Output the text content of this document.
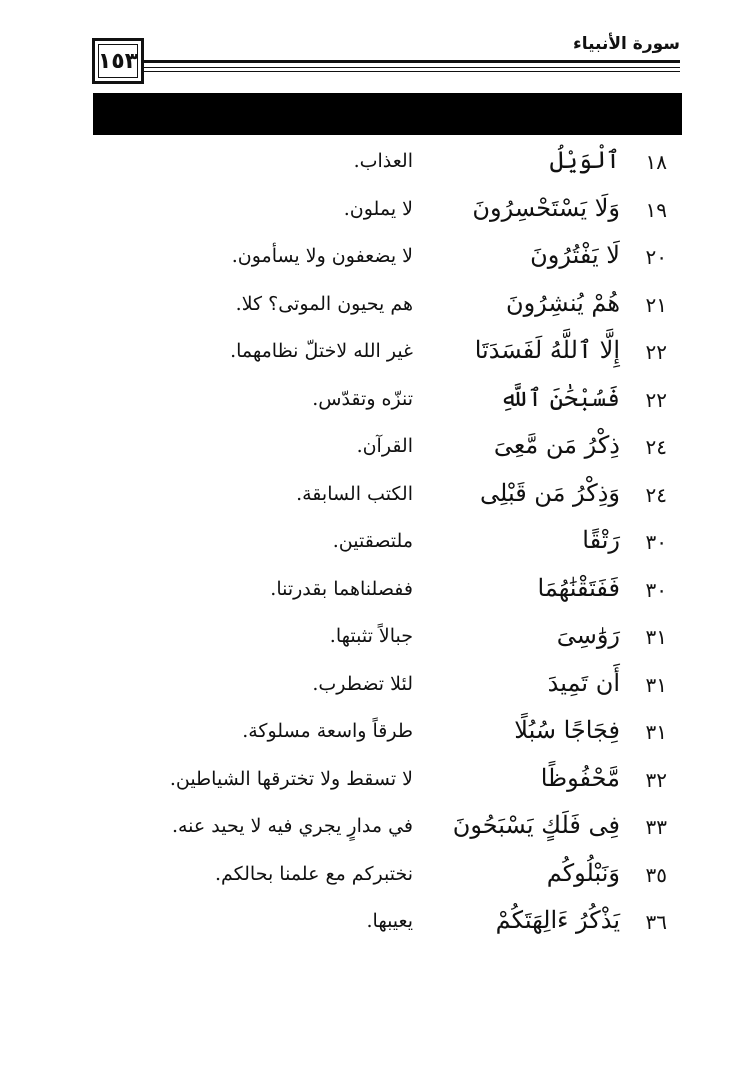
١٥٣
سورة الأنبياء
١٨
ٱلْوَيْلُ
العذاب.
١٩
وَلَا يَسْتَحْسِرُونَ
لا يملون.
٢٠
لَا يَفْتُرُونَ
لا يضعفون ولا يسأمون.
٢١
هُمْ يُنشِرُونَ
هم يحيون الموتى؟ كلا.
٢٢
إِلَّا ٱللَّهُ لَفَسَدَتَا
غير الله لاختلّ نظامهما.
٢٢
فَسُبْحَٰنَ ٱللَّهِ
تنزّه وتقدّس.
٢٤
ذِكْرُ مَن مَّعِىَ
القرآن.
٢٤
وَذِكْرُ مَن قَبْلِى
الكتب السابقة.
٣٠
رَتْقًا
ملتصقتين.
٣٠
فَفَتَقْنَٰهُمَا
ففصلناهما بقدرتنا.
٣١
رَوَٰسِىَ
جبالاً تثبتها.
٣١
أَن تَمِيدَ
لئلا تضطرب.
٣١
فِجَاجًا سُبُلًا
طرقاً واسعة مسلوكة.
٣٢
مَّحْفُوظًا
لا تسقط ولا تخترقها الشياطين.
٣٣
فِى فَلَكٍ يَسْبَحُونَ
في مدارٍ يجري فيه لا يحيد عنه.
٣٥
وَنَبْلُوكُم
نختبركم مع علمنا بحالكم.
٣٦
يَذْكُرُ ءَالِهَتَكُمْ
يعيبها.
